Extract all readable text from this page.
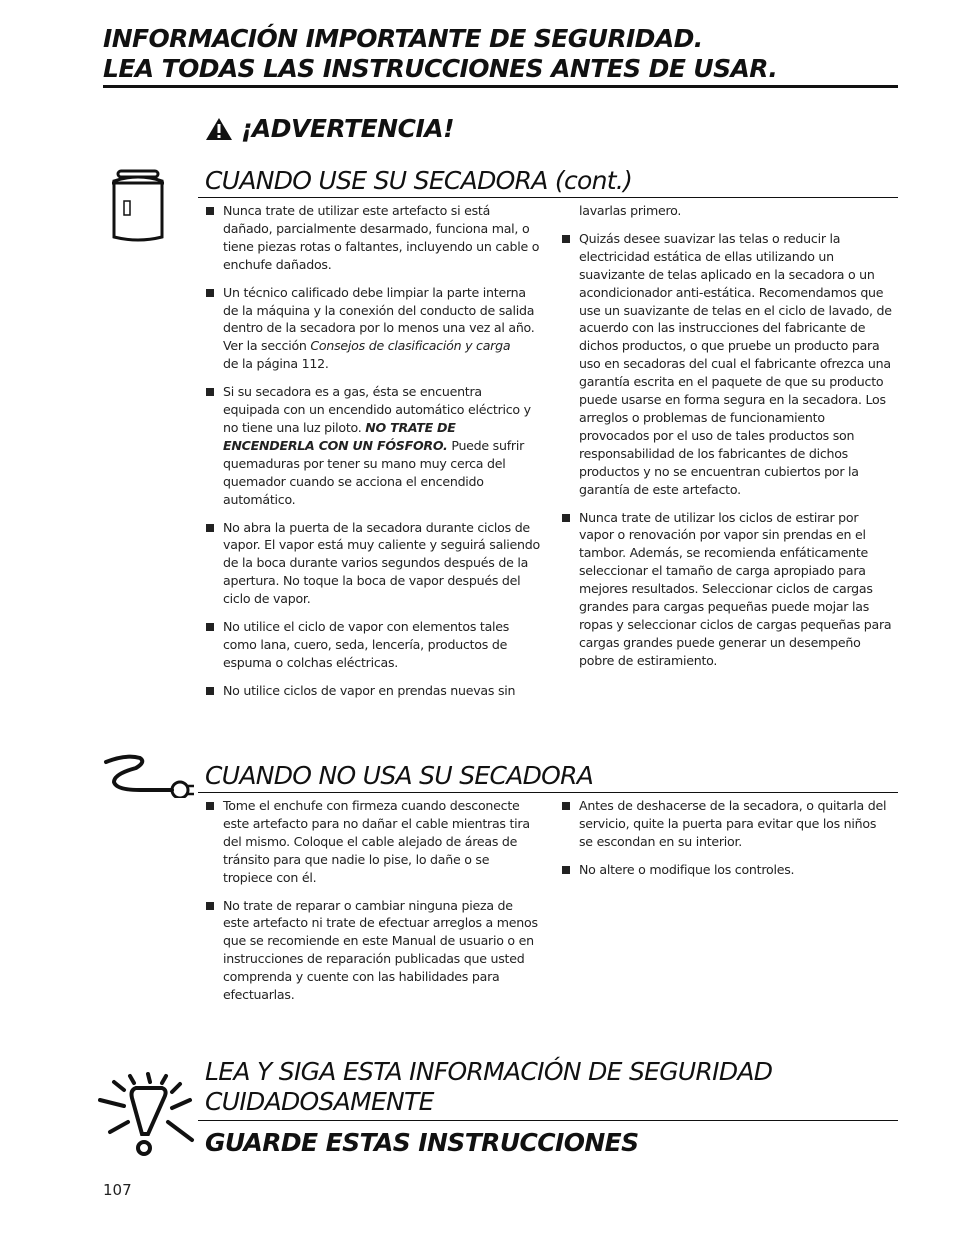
INFORMACIÓN IMPORTANTE DE SEGURIDAD.
LEA TODAS LAS INSTRUCCIONES ANTES DE USAR.
¡ADVERTENCIA!
CUANDO USE SU SECADORA (cont.)

Nunca trate de utilizar este artefacto si está dañado, parcialmente desarmado, funciona mal, o tiene piezas rotas o faltantes, incluyendo un cable o enchufe dañados.

Un técnico calificado debe limpiar la parte interna de la máquina y la conexión del conducto de salida dentro de la secadora por lo menos una vez al año. Ver la sección Consejos de clasificación y carga
de la página 112.

Si su secadora es a gas, ésta se encuentra equipada con un encendido automático eléctrico y no tiene una luz piloto. NO TRATE DE ENCENDERLA CON UN FÓSFORO. Puede sufrir quemaduras por tener su mano muy cerca del quemador cuando se acciona el encendido automático.

No abra la puerta de la secadora durante ciclos de vapor. El vapor está muy caliente y seguirá saliendo de la boca durante varios segundos después de la apertura. No toque la boca de vapor después del ciclo de vapor.

No utilice el ciclo de vapor con elementos tales como lana, cuero, seda, lencería, productos de espuma o colchas eléctricas.

No utilice ciclos de vapor en prendas nuevas sin

lavarlas primero.

Quizás desee suavizar las telas o reducir la electricidad estática de ellas utilizando un suavizante de telas aplicado en la secadora o un acondicionador anti-estática. Recomendamos que use un suavizante de telas en el ciclo de lavado, de acuerdo con las instrucciones del fabricante de dichos productos, o que pruebe un producto para uso en secadoras del cual el fabricante ofrezca una garantía escrita en el paquete de que su producto puede usarse en forma segura en la secadora. Los arreglos o problemas de funcionamiento provocados por el uso de tales productos son responsabilidad de los fabricantes de dichos productos y no se encuentran cubiertos por la garantía de este artefacto.

Nunca trate de utilizar los ciclos de estirar por vapor o renovación por vapor sin prendas en el tambor. Además, se recomienda enfáticamente seleccionar el tamaño de carga apropiado para mejores resultados. Seleccionar ciclos de cargas grandes para cargas pequeñas puede mojar las ropas y seleccionar ciclos de cargas pequeñas para cargas grandes puede generar un desempeño pobre de estiramiento.

CUANDO NO USA SU SECADORA

Tome el enchufe con firmeza cuando desconecte este artefacto para no dañar el cable mientras tira del mismo. Coloque el cable alejado de áreas de tránsito para que nadie lo pise, lo dañe o se tropiece con él.

No trate de reparar o cambiar ninguna pieza de este artefacto ni trate de efectuar arreglos a menos que se recomiende en este Manual de usuario o en instrucciones de reparación publicadas que usted comprenda y cuente con las habilidades para efectuarlas.

Antes de deshacerse de la secadora, o quitarla del servicio, quite la puerta para evitar que los niños se escondan en su interior.

No altere o modifique los controles.

LEA Y SIGA ESTA INFORMACIÓN DE SEGURIDAD
CUIDADOSAMENTE
GUARDE ESTAS INSTRUCCIONES
107
